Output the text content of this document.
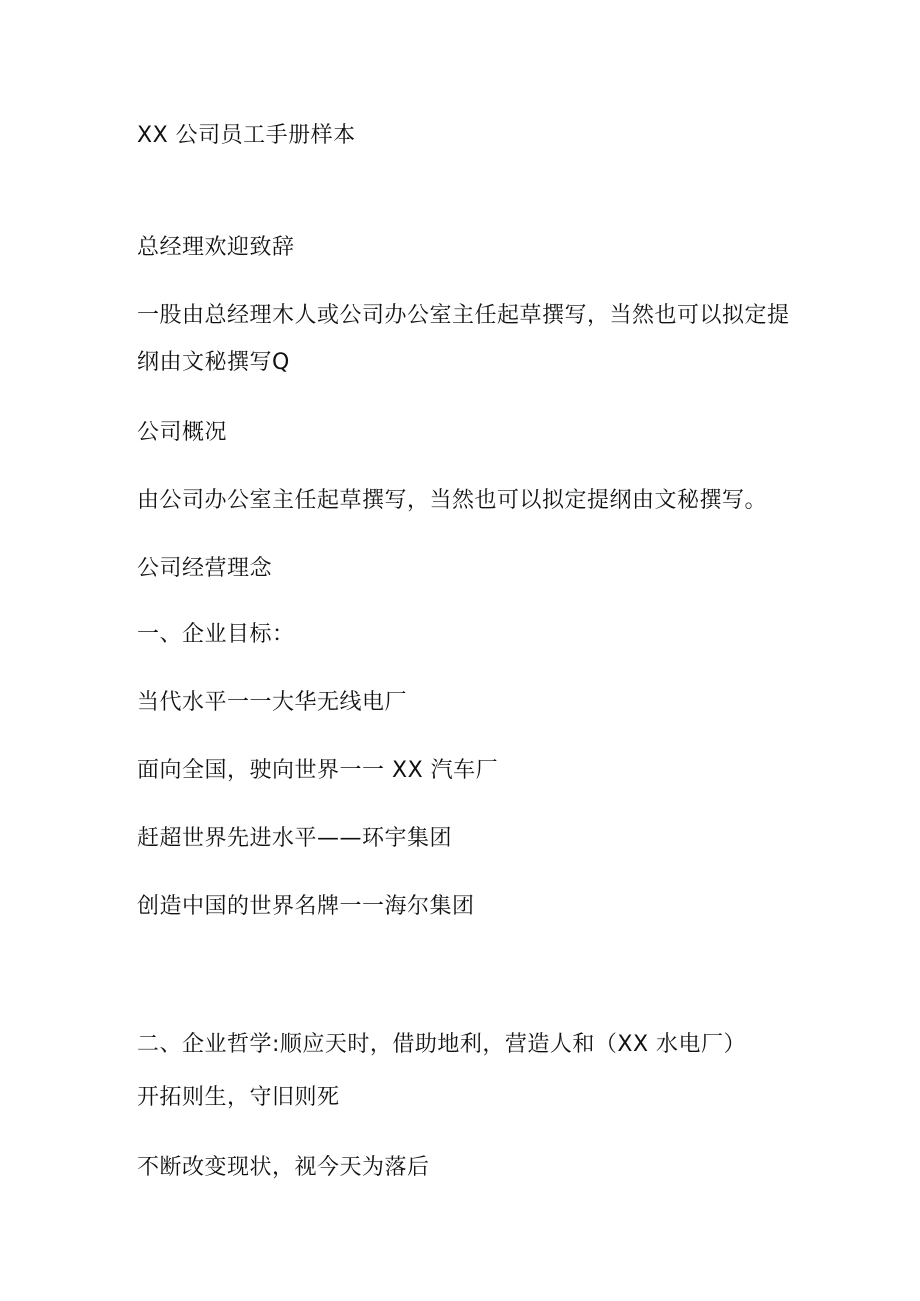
XX 公司员工手册样本
总经理欢迎致辞
一股由总经理木人或公司办公室主任起草撰写，当然也可以拟定提
纲由文秘撰写Q
公司概况
由公司办公室主任起草撰写，当然也可以拟定提纲由文秘撰写。
公司经营理念
一、企业目标：
当代水平一一大华无线电厂
面向全国，驶向世界一一 XX 汽车厂
赶超世界先进水平——环宇集团
创造中国的世界名牌一一海尔集团
二、企业哲学:顺应天时，借助地利，营造人和（XX 水电厂）
开拓则生，守旧则死
不断改变现状，视今天为落后
